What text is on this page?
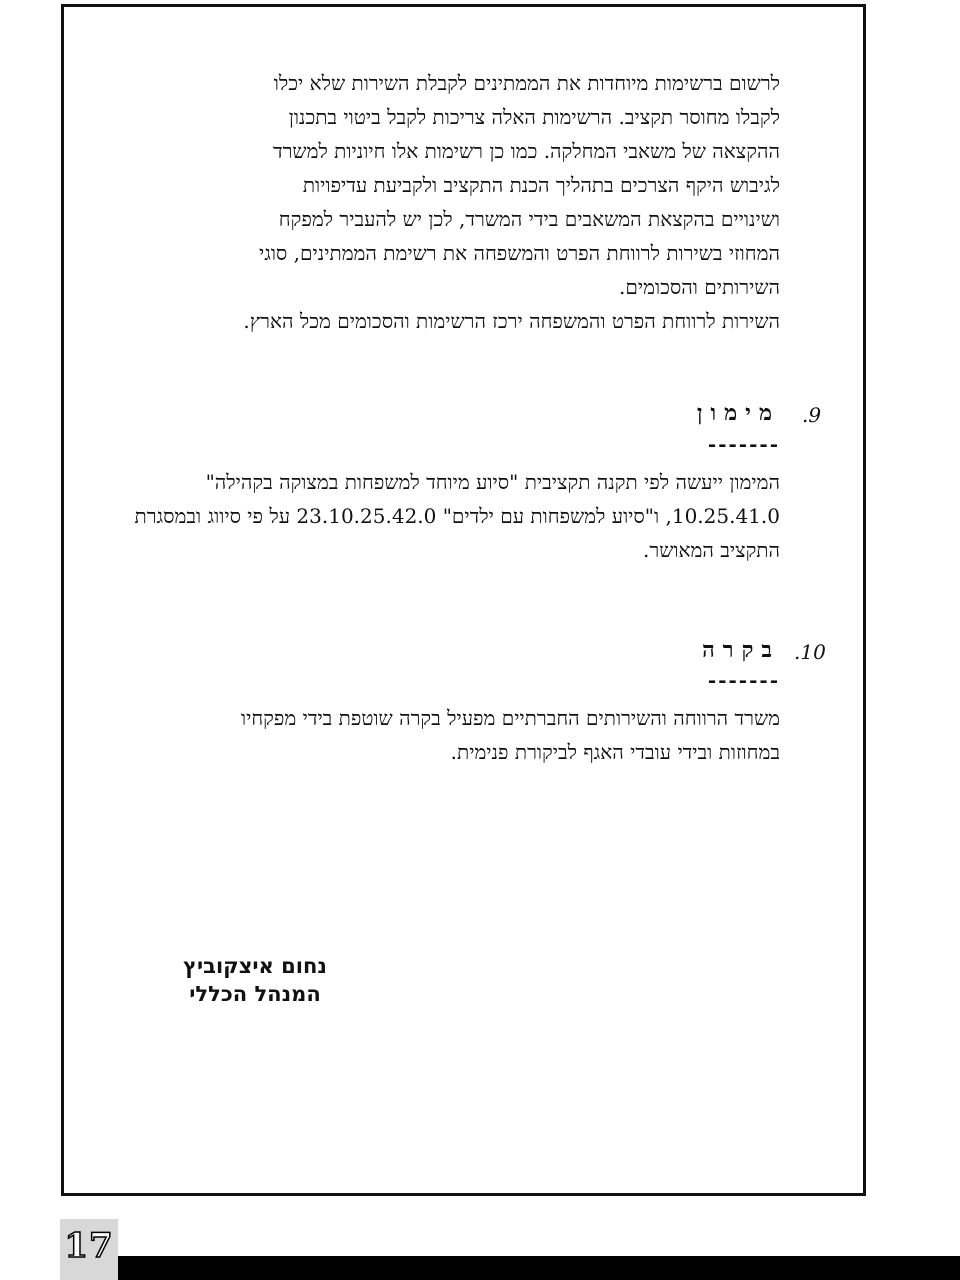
לרשום ברשימות מיוחדות את הממתינים לקבלת השירות שלא יכלו
לקבלו מחוסר תקציב. הרשימות האלה צריכות לקבל ביטוי בתכנון
ההקצאה של משאבי המחלקה. כמו כן רשימות אלו חיוניות למשרד
לגיבוש היקף הצרכים בתהליך הכנת התקציב ולקביעת עדיפויות
ושינויים בהקצאת המשאבים בידי המשרד, לכן יש להעביר למפקח
המחוזי בשירות לרווחת הפרט והמשפחה את רשימת הממתינים, סוגי
השירותים והסכומים.
השירות לרווחת הפרט והמשפחה ירכז הרשימות והסכומים מכל הארץ.
.9
מימון
-------
המימון ייעשה לפי תקנה תקציבית "סיוע מיוחד למשפחות במצוקה בקהילה"
10.25.41.0, ו"סיוע למשפחות עם ילדים" 23.10.25.42.0 על פי סיווג ובמסגרת
התקציב המאושר.
.10
בקרה
-------
משרד הרווחה והשירותים החברתיים מפעיל בקרה שוטפת בידי מפקחיו
במחוזות ובידי עובדי האגף לביקורת פנימית.
נחום איצקוביץ
המנהל הכללי
17
